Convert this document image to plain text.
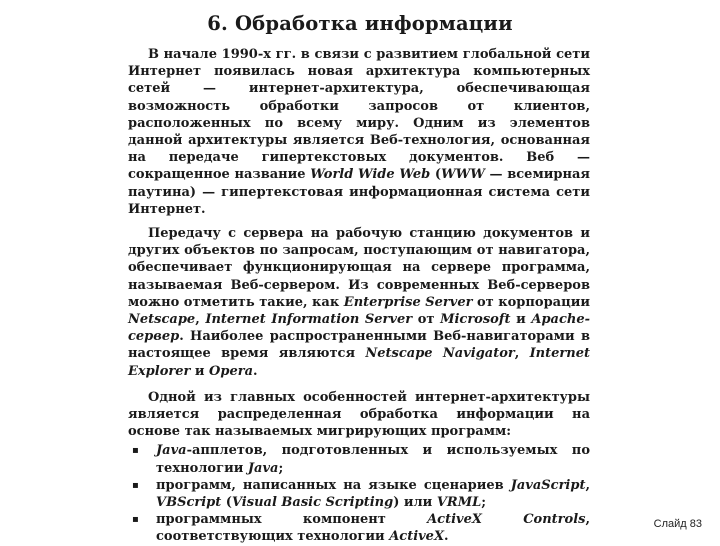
6. Обработка информации

В начале 1990-х гг. в связи с развитием глобальной сети Интернет появилась новая архитектура компьютерных сетей — интернет-архитектура, обеспечивающая возможность обработки запросов от клиентов, расположенных по всему миру. Одним из элементов данной архитектуры является Веб-технология, основанная на передаче гипертекстовых документов. Веб — сокращенное название World Wide Web (WWW — всемирная паутина) — гипертекстовая информационная система сети Интернет.

Передачу с сервера на рабочую станцию документов и других объектов по запросам, поступающим от навигатора, обеспечивает функционирующая на сервере программа, называемая Веб-сервером. Из современных Веб-серверов можно отметить такие, как Enterprise Server от корпорации Netscape, Internet Information Server от Microsoft и Apache-сервер. Наиболее распространенными Веб-навигаторами в настоящее время являются Netscape Navigator, Internet Explorer и Opera.

Одной из главных особенностей интернет-архитектуры является распределенная обработка информации на основе так называемых мигрирующих программ:

▪ Java-апплетов, подготовленных и используемых по технологии Java;
▪ программ, написанных на языке сценариев JavaScript, VBScript (Visual Basic Scripting) или VRML;
▪ программных компонент ActiveX Controls, соответствующих технологии ActiveX.
Слайд 83
